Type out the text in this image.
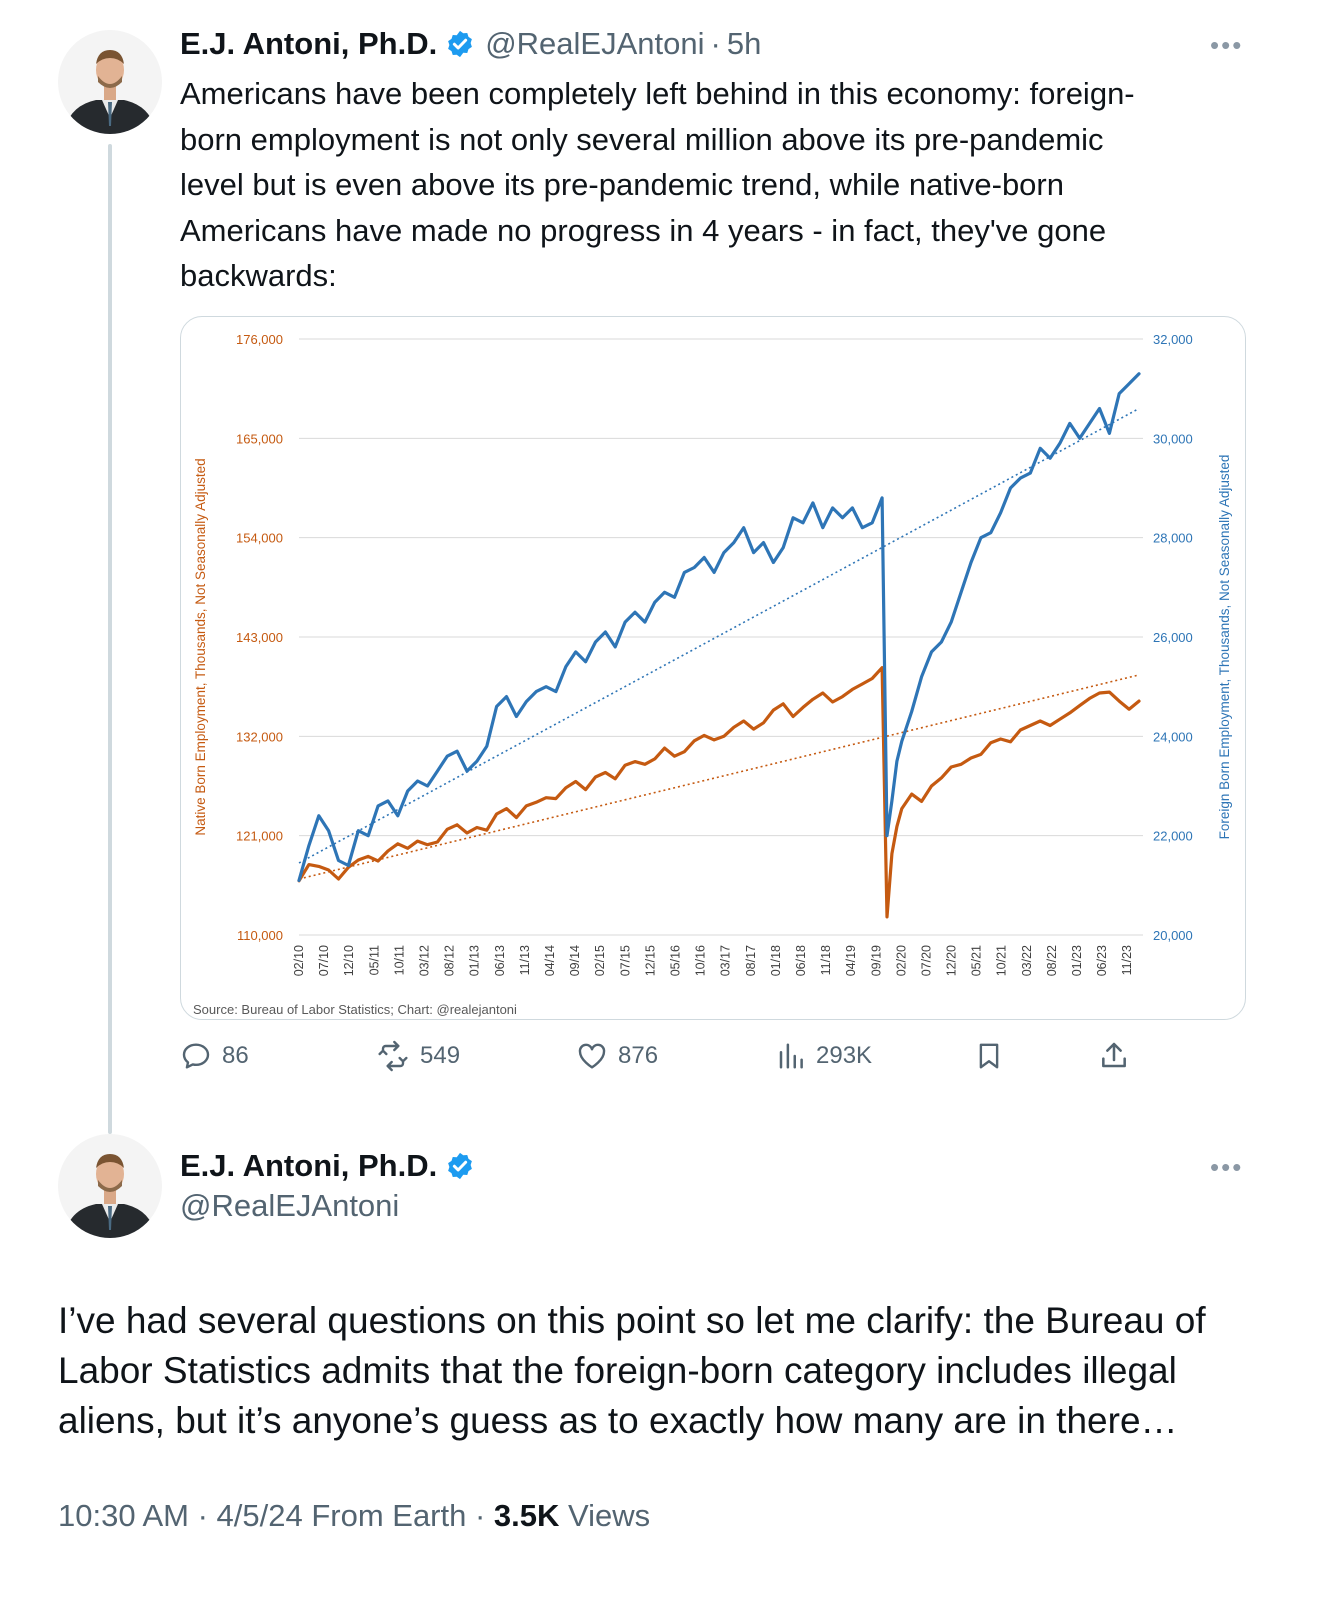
E.J. Antoni, Ph.D. @RealEJAntoni · 5h	•••
Americans have been completely left behind in this economy: foreign-
born employment is not only several million above its pre-pandemic
level but is even above its pre-pandemic trend, while native-born
Americans have made no progress in 4 years - in fact, they've gone
backwards:
176,000	32,000
165,000	30,000
154,000	28,000
143,000	26,000
132,000	24,000
121,000	22,000
110,000	20,000
02/10 07/10 12/10 05/11 10/11 03/12 08/12 01/13 06/13 11/13 04/14 09/14 02/15 07/15 12/15 05/16 10/16 03/17 08/17 01/18 06/18 11/18 04/19 09/19 02/20 07/20 12/20 05/21 10/21 03/22 08/22 01/23 06/23 11/23
Native Born Employment, Thousands, Not Seasonally Adjusted	Foreign Born Employment, Thousands, Not Seasonally Adjusted
Source: Bureau of Labor Statistics; Chart: @realejantoni
86	549	876	293K
E.J. Antoni, Ph.D.
@RealEJAntoni
•••
I’ve had several questions on this point so let me clarify: the Bureau of Labor Statistics admits that the foreign-born category includes illegal aliens, but it’s anyone’s guess as to exactly how many are in there…
10:30 AM · 4/5/24 From Earth · 3.5K Views
